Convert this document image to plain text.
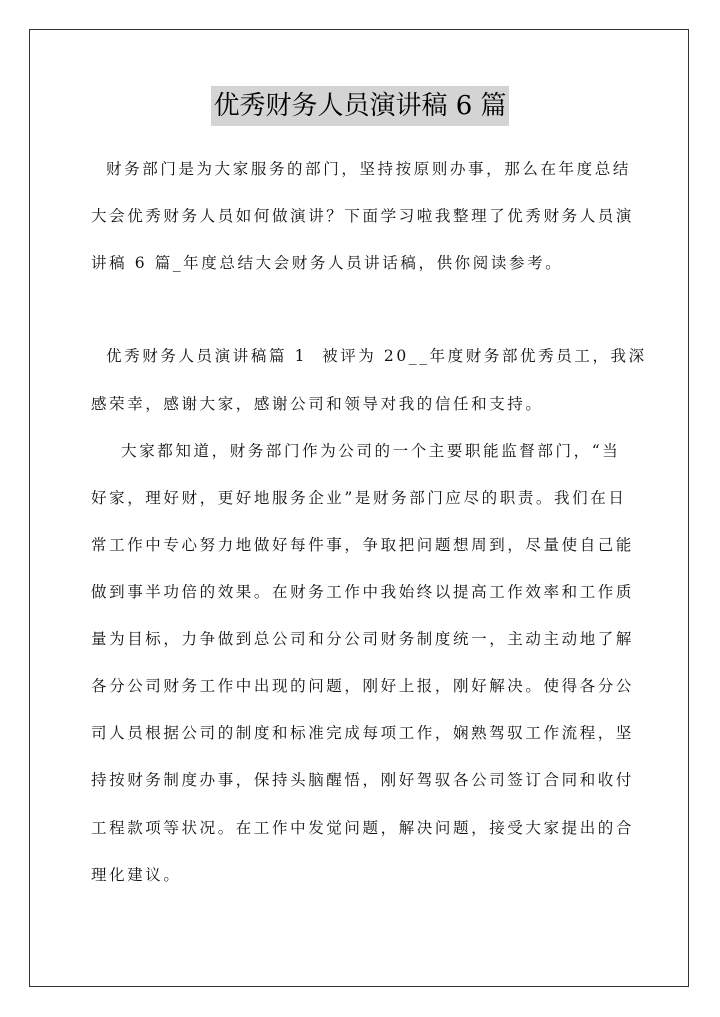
优秀财务人员演讲稿 6 篇
财务部门是为大家服务的部门，坚持按原则办事，那么在年度总结
大会优秀财务人员如何做演讲？下面学习啦我整理了优秀财务人员演
讲稿 6 篇_年度总结大会财务人员讲话稿，供你阅读参考。
优秀财务人员演讲稿篇 1  被评为 20__年度财务部优秀员工，我深
感荣幸，感谢大家，感谢公司和领导对我的信任和支持。
大家都知道，财务部门作为公司的一个主要职能监督部门，“当
好家，理好财，更好地服务企业”是财务部门应尽的职责。我们在日
常工作中专心努力地做好每件事，争取把问题想周到，尽量使自己能
做到事半功倍的效果。在财务工作中我始终以提高工作效率和工作质
量为目标，力争做到总公司和分公司财务制度统一，主动主动地了解
各分公司财务工作中出现的问题，刚好上报，刚好解决。使得各分公
司人员根据公司的制度和标准完成每项工作，娴熟驾驭工作流程，坚
持按财务制度办事，保持头脑醒悟，刚好驾驭各公司签订合同和收付
工程款项等状况。在工作中发觉问题，解决问题，接受大家提出的合
理化建议。
